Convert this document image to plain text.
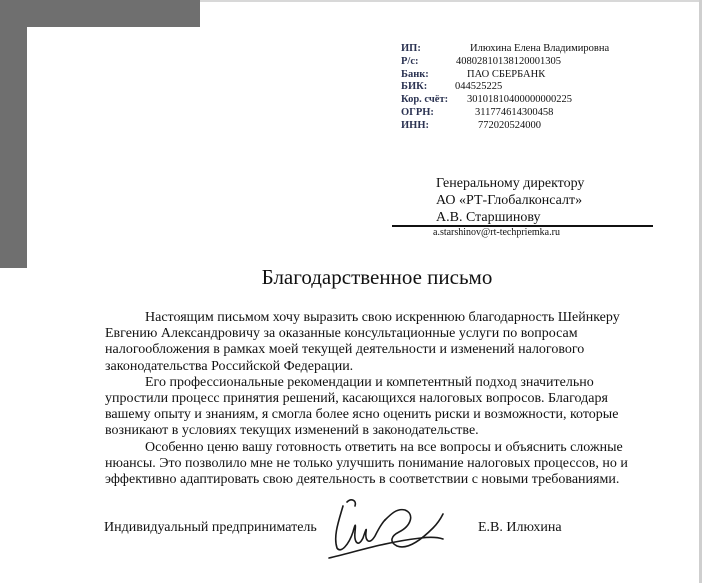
ИП:	Илюхина Елена Владимировна
Р/с:	40802810138120001305
Банк:	ПАО СБЕРБАНК
БИК:	044525225
Кор. счёт: 30101810400000000225
ОГРН:	311774614300458
ИНН:	772020524000
Генеральному директору
АО «РТ-Глобалконсалт»
А.В. Старшинову
a.starshinov@rt-techpriemka.ru
Благодарственное письмо

Настоящим письмом хочу выразить свою искреннюю благодарность Шейнкеру
Евгению Александровичу за оказанные консультационные услуги по вопросам
налогообложения в рамках моей текущей деятельности и изменений налогового
законодательства Российской Федерации.

Его профессиональные рекомендации и компетентный подход значительно
упростили процесс принятия решений, касающихся налоговых вопросов. Благодаря
вашему опыту и знаниям, я смогла более ясно оценить риски и возможности, которые
возникают в условиях текущих изменений в законодательстве.

Особенно ценю вашу готовность ответить на все вопросы и объяснить сложные
нюансы. Это позволило мне не только улучшить понимание налоговых процессов, но и
эффективно адаптировать свою деятельность в соответствии с новыми требованиями.

Индивидуальный предприниматель	Е.В. Илюхина
